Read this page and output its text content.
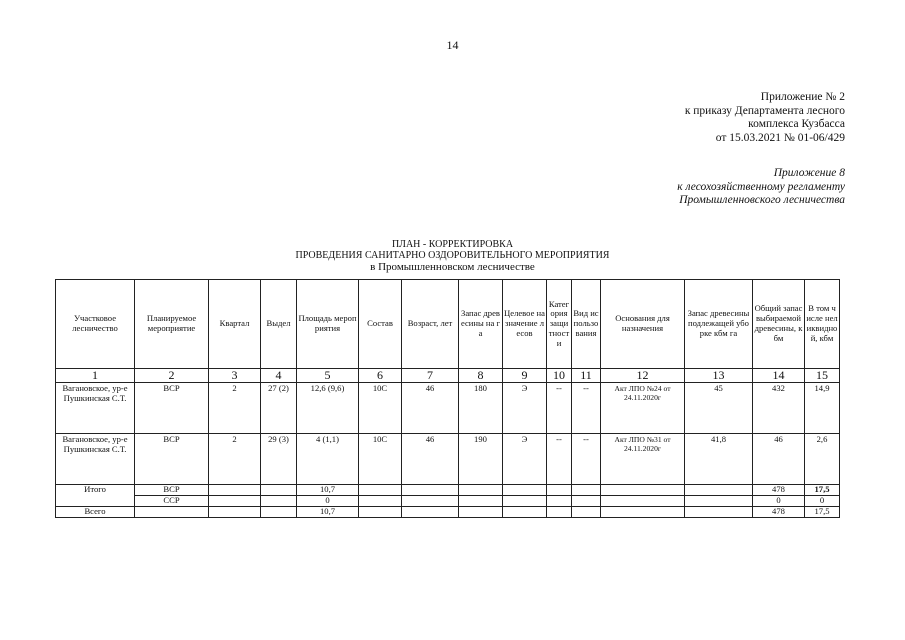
14
Приложение № 2
к приказу Департамента лесного
комплекса Кузбасса
от 15.03.2021 № 01-06/429
Приложение 8
к лесохозяйственному регламенту
Промышленновского лесничества
ПЛАН - КОРРЕКТИРОВКА
ПРОВЕДЕНИЯ САНИТАРНО ОЗДОРОВИТЕЛЬНОГО МЕРОПРИЯТИЯ
в Промышленновском лесничестве
Участковое лесничество	Планируемое мероприятие	Квартал	Выдел	Площадь мероприятия	Состав	Возраст, лет	Запас древесины на га	Целевое назначение лесов	Категория защитности	Вид использования	Основания для назначения	Запас древесины подлежащей уборке кбм га	Общий запас выбираемой древесины, кбм	В том числе неликвидной, кбм
1	2	3	4	5	6	7	8	9	10	11	12	13	14	15
Вагановское, ур-е Пушкинская С.Т.	ВСР	2	27 (2)	12,6 (9,6)	10С	46	180	Э	--	--	Акт ЛПО №24 от 24.11.2020г	45	432	14,9
Вагановское, ур-е Пушкинская С.Т.	ВСР	2	29 (3)	4 (1,1)	10С	46	190	Э	--	--	Акт ЛПО №31 от 24.11.2020г	41,8	46	2,6
Итого	ВСР			10,7									478	17,5
	ССР			0									0	0
Всего				10,7									478	17,5
